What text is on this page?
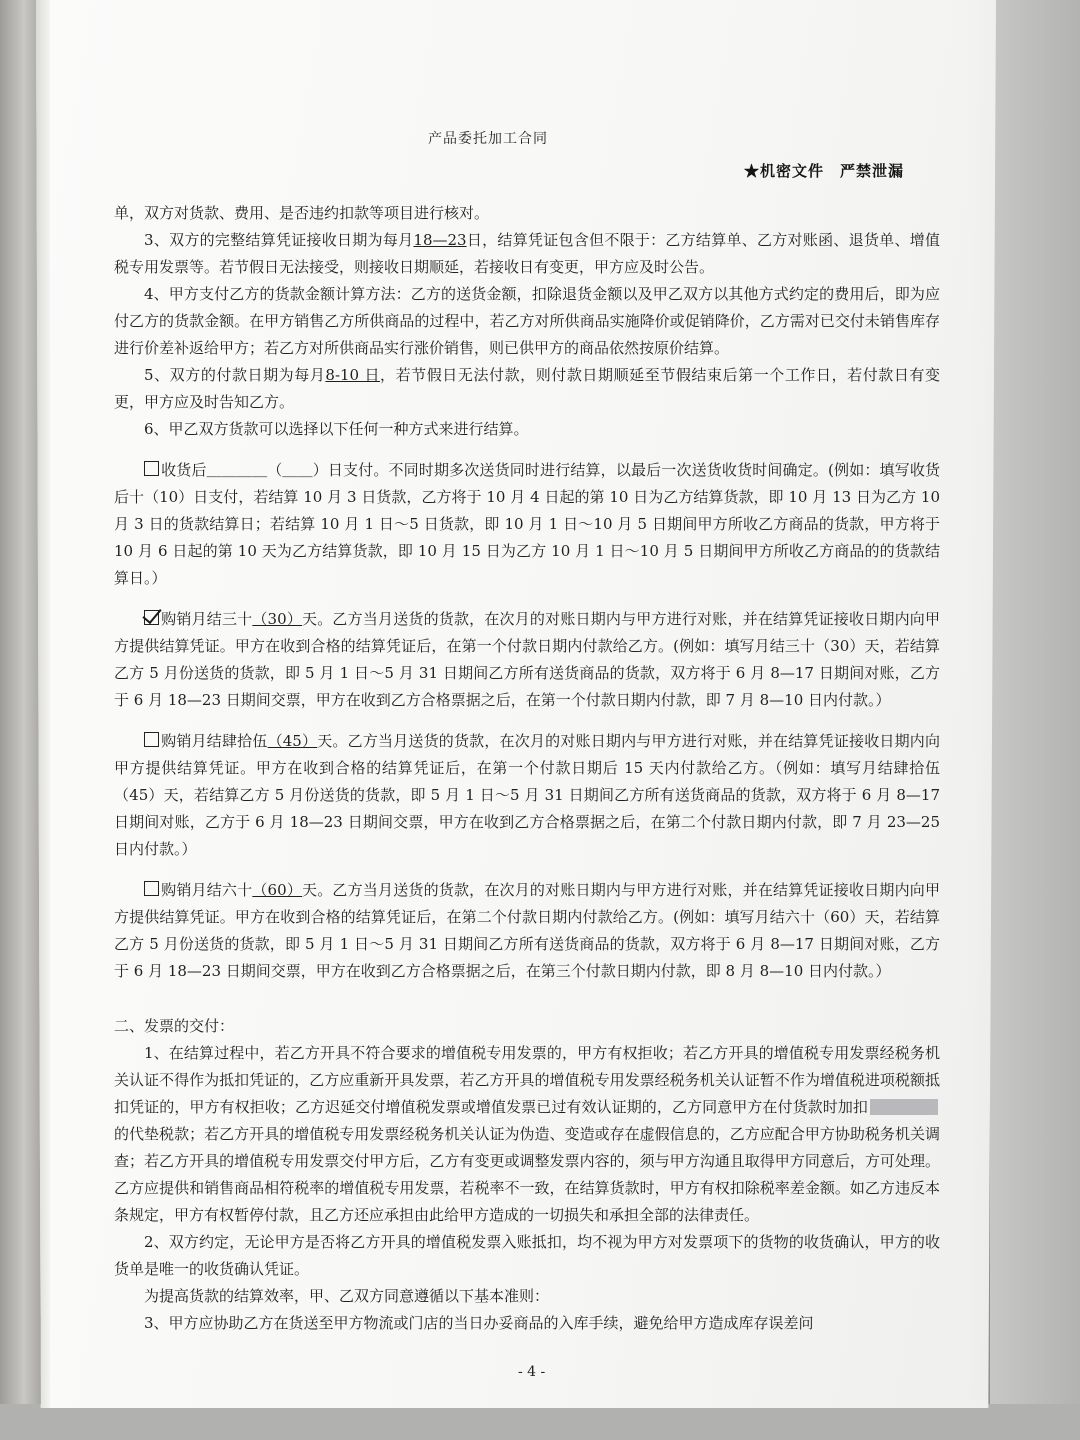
产品委托加工合同
★机密文件　严禁泄漏

单，双方对货款、费用、是否违约扣款等项目进行核对。

3、双方的完整结算凭证接收日期为每月18—23日，结算凭证包含但不限于：乙方结算单、乙方对账函、退货单、增值税专用发票等。若节假日无法接受，则接收日期顺延，若接收日有变更，甲方应及时公告。

4、甲方支付乙方的货款金额计算方法：乙方的送货金额，扣除退货金额以及甲乙双方以其他方式约定的费用后，即为应付乙方的货款金额。在甲方销售乙方所供商品的过程中，若乙方对所供商品实施降价或促销降价，乙方需对已交付未销售库存进行价差补返给甲方；若乙方对所供商品实行涨价销售，则已供甲方的商品依然按原价结算。

5、双方的付款日期为每月8-10 日，若节假日无法付款，则付款日期顺延至节假结束后第一个工作日，若付款日有变更，甲方应及时告知乙方。

6、甲乙双方货款可以选择以下任何一种方式来进行结算。

收货后＿＿＿＿（＿＿）日支付。不同时期多次送货同时进行结算，以最后一次送货收货时间确定。(例如：填写收货后十（10）日支付，若结算 10 月 3 日货款，乙方将于 10 月 4 日起的第 10 日为乙方结算货款，即 10 月 13 日为乙方 10 月 3 日的货款结算日；若结算 10 月 1 日～5 日货款，即 10 月 1 日～10 月 5 日期间甲方所收乙方商品的货款，甲方将于 10 月 6 日起的第 10 天为乙方结算货款，即 10 月 15 日为乙方 10 月 1 日～10 月 5 日期间甲方所收乙方商品的的货款结算日。）

购销月结三十（30）天。乙方当月送货的货款，在次月的对账日期内与甲方进行对账，并在结算凭证接收日期内向甲方提供结算凭证。甲方在收到合格的结算凭证后，在第一个付款日期内付款给乙方。(例如：填写月结三十（30）天，若结算乙方 5 月份送货的货款，即 5 月 1 日～5 月 31 日期间乙方所有送货商品的货款，双方将于 6 月 8—17 日期间对账，乙方于 6 月 18—23 日期间交票，甲方在收到乙方合格票据之后，在第一个付款日期内付款，即 7 月 8—10 日内付款。）

购销月结肆拾伍（45）天。乙方当月送货的货款，在次月的对账日期内与甲方进行对账，并在结算凭证接收日期内向甲方提供结算凭证。甲方在收到合格的结算凭证后，在第一个付款日期后 15 天内付款给乙方。（例如：填写月结肆拾伍（45）天，若结算乙方 5 月份送货的货款，即 5 月 1 日～5 月 31 日期间乙方所有送货商品的货款，双方将于 6 月 8—17 日期间对账，乙方于 6 月 18—23 日期间交票，甲方在收到乙方合格票据之后，在第二个付款日期内付款，即 7 月 23—25 日内付款。）

购销月结六十（60）天。乙方当月送货的货款，在次月的对账日期内与甲方进行对账，并在结算凭证接收日期内向甲方提供结算凭证。甲方在收到合格的结算凭证后，在第二个付款日期内付款给乙方。(例如：填写月结六十（60）天，若结算乙方 5 月份送货的货款，即 5 月 1 日～5 月 31 日期间乙方所有送货商品的货款，双方将于 6 月 8—17 日期间对账，乙方于 6 月 18—23 日期间交票，甲方在收到乙方合格票据之后，在第三个付款日期内付款，即 8 月 8—10 日内付款。）

二、发票的交付：

1、在结算过程中，若乙方开具不符合要求的增值税专用发票的，甲方有权拒收；若乙方开具的增值税专用发票经税务机关认证不得作为抵扣凭证的，乙方应重新开具发票，若乙方开具的增值税专用发票经税务机关认证暂不作为增值税进项税额抵扣凭证的，甲方有权拒收；乙方迟延交付增值税发票或增值发票已过有效认证期的，乙方同意甲方在付货款时加扣的代垫税款；若乙方开具的增值税专用发票经税务机关认证为伪造、变造或存在虚假信息的，乙方应配合甲方协助税务机关调查；若乙方开具的增值税专用发票交付甲方后，乙方有变更或调整发票内容的，须与甲方沟通且取得甲方同意后，方可处理。乙方应提供和销售商品相符税率的增值税专用发票，若税率不一致，在结算货款时，甲方有权扣除税率差金额。如乙方违反本条规定，甲方有权暂停付款，且乙方还应承担由此给甲方造成的一切损失和承担全部的法律责任。

2、双方约定，无论甲方是否将乙方开具的增值税发票入账抵扣，均不视为甲方对发票项下的货物的收货确认，甲方的收货单是唯一的收货确认凭证。

为提高货款的结算效率，甲、乙双方同意遵循以下基本准则：

3、甲方应协助乙方在货送至甲方物流或门店的当日办妥商品的入库手续，避免给甲方造成库存误差问

- 4 -
